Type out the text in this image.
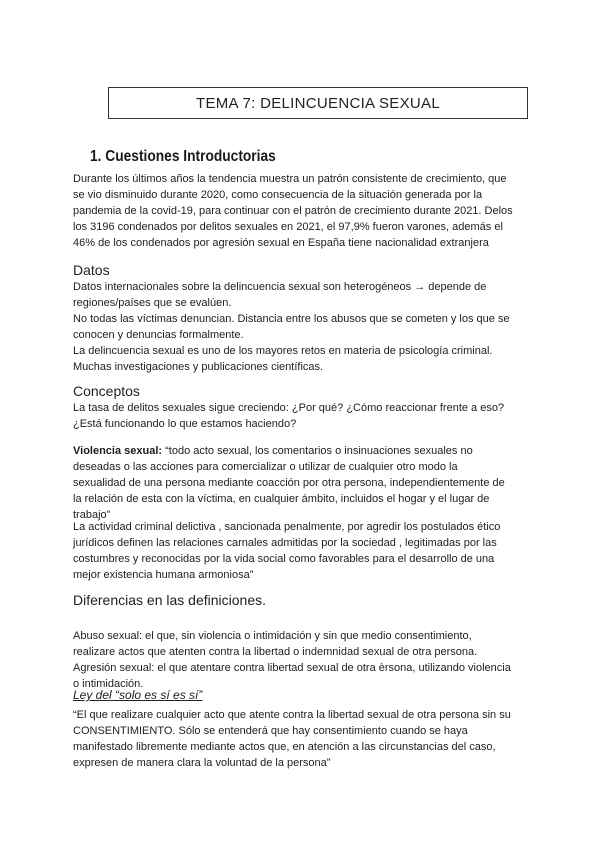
TEMA 7: DELINCUENCIA SEXUAL
1. Cuestiones Introductorias

Durante los últimos años la tendencia muestra un patrón consistente de crecimiento, que se vio disminuido durante 2020, como consecuencia de la situación generada por la pandemia de la covid-19, para continuar con el patrón de crecimiento durante 2021. Delos los 3196 condenados por delitos sexuales en 2021, el 97,9% fueron varones, además el 46% de los condenados por agresión sexual en España tiene nacionalidad extranjera

Datos

Datos internacionales sobre la delincuencia sexual son heterogéneos → depende de regiones/países que se evalúen.

No todas las víctimas denuncian. Distancia entre los abusos que se cometen y los que se conocen y denuncias formalmente.

La delincuencia sexual es uno de los mayores retos en materia de psicología criminal. Muchas investigaciones y publicaciones científicas.

Conceptos

La tasa de delitos sexuales sigue creciendo: ¿Por qué? ¿Cómo reaccionar frente a eso? ¿Está funcionando lo que estamos haciendo?

Violencia sexual: “todo acto sexual, los comentarios o insinuaciones sexuales no deseadas o las acciones para comercializar o utilizar de cualquier otro modo la sexualidad de una persona mediante coacción por otra persona, independientemente de la relación de esta con la víctima, en cualquier ámbito, incluidos el hogar y el lugar de trabajo”

La actividad criminal delictiva , sancionada penalmente, por agredir los postulados ético jurídicos definen las relaciones carnales admitidas por la sociedad , legitimadas por las costumbres y reconocidas por la vida social como favorables para el desarrollo de una mejor existencia humana armoniosa”

Diferencias en las definiciones.

Abuso sexual: el que, sin violencia o intimidación y sin que medio consentimiento, realizare actos que atenten contra la libertad o indemnidad sexual de otra persona.

Agresión sexual: el que atentare contra libertad sexual de otra èrsona, utilizando violencia o intimidación.

Ley del “solo es sí es sí”

“El que realizare cualquier acto que atente contra la libertad sexual de otra persona sin su CONSENTIMIENTO. Sólo se entenderá que hay consentimiento cuando se haya manifestado libremente mediante actos que, en atención a las circunstancias del caso, expresen de manera clara la voluntad de la persona”
